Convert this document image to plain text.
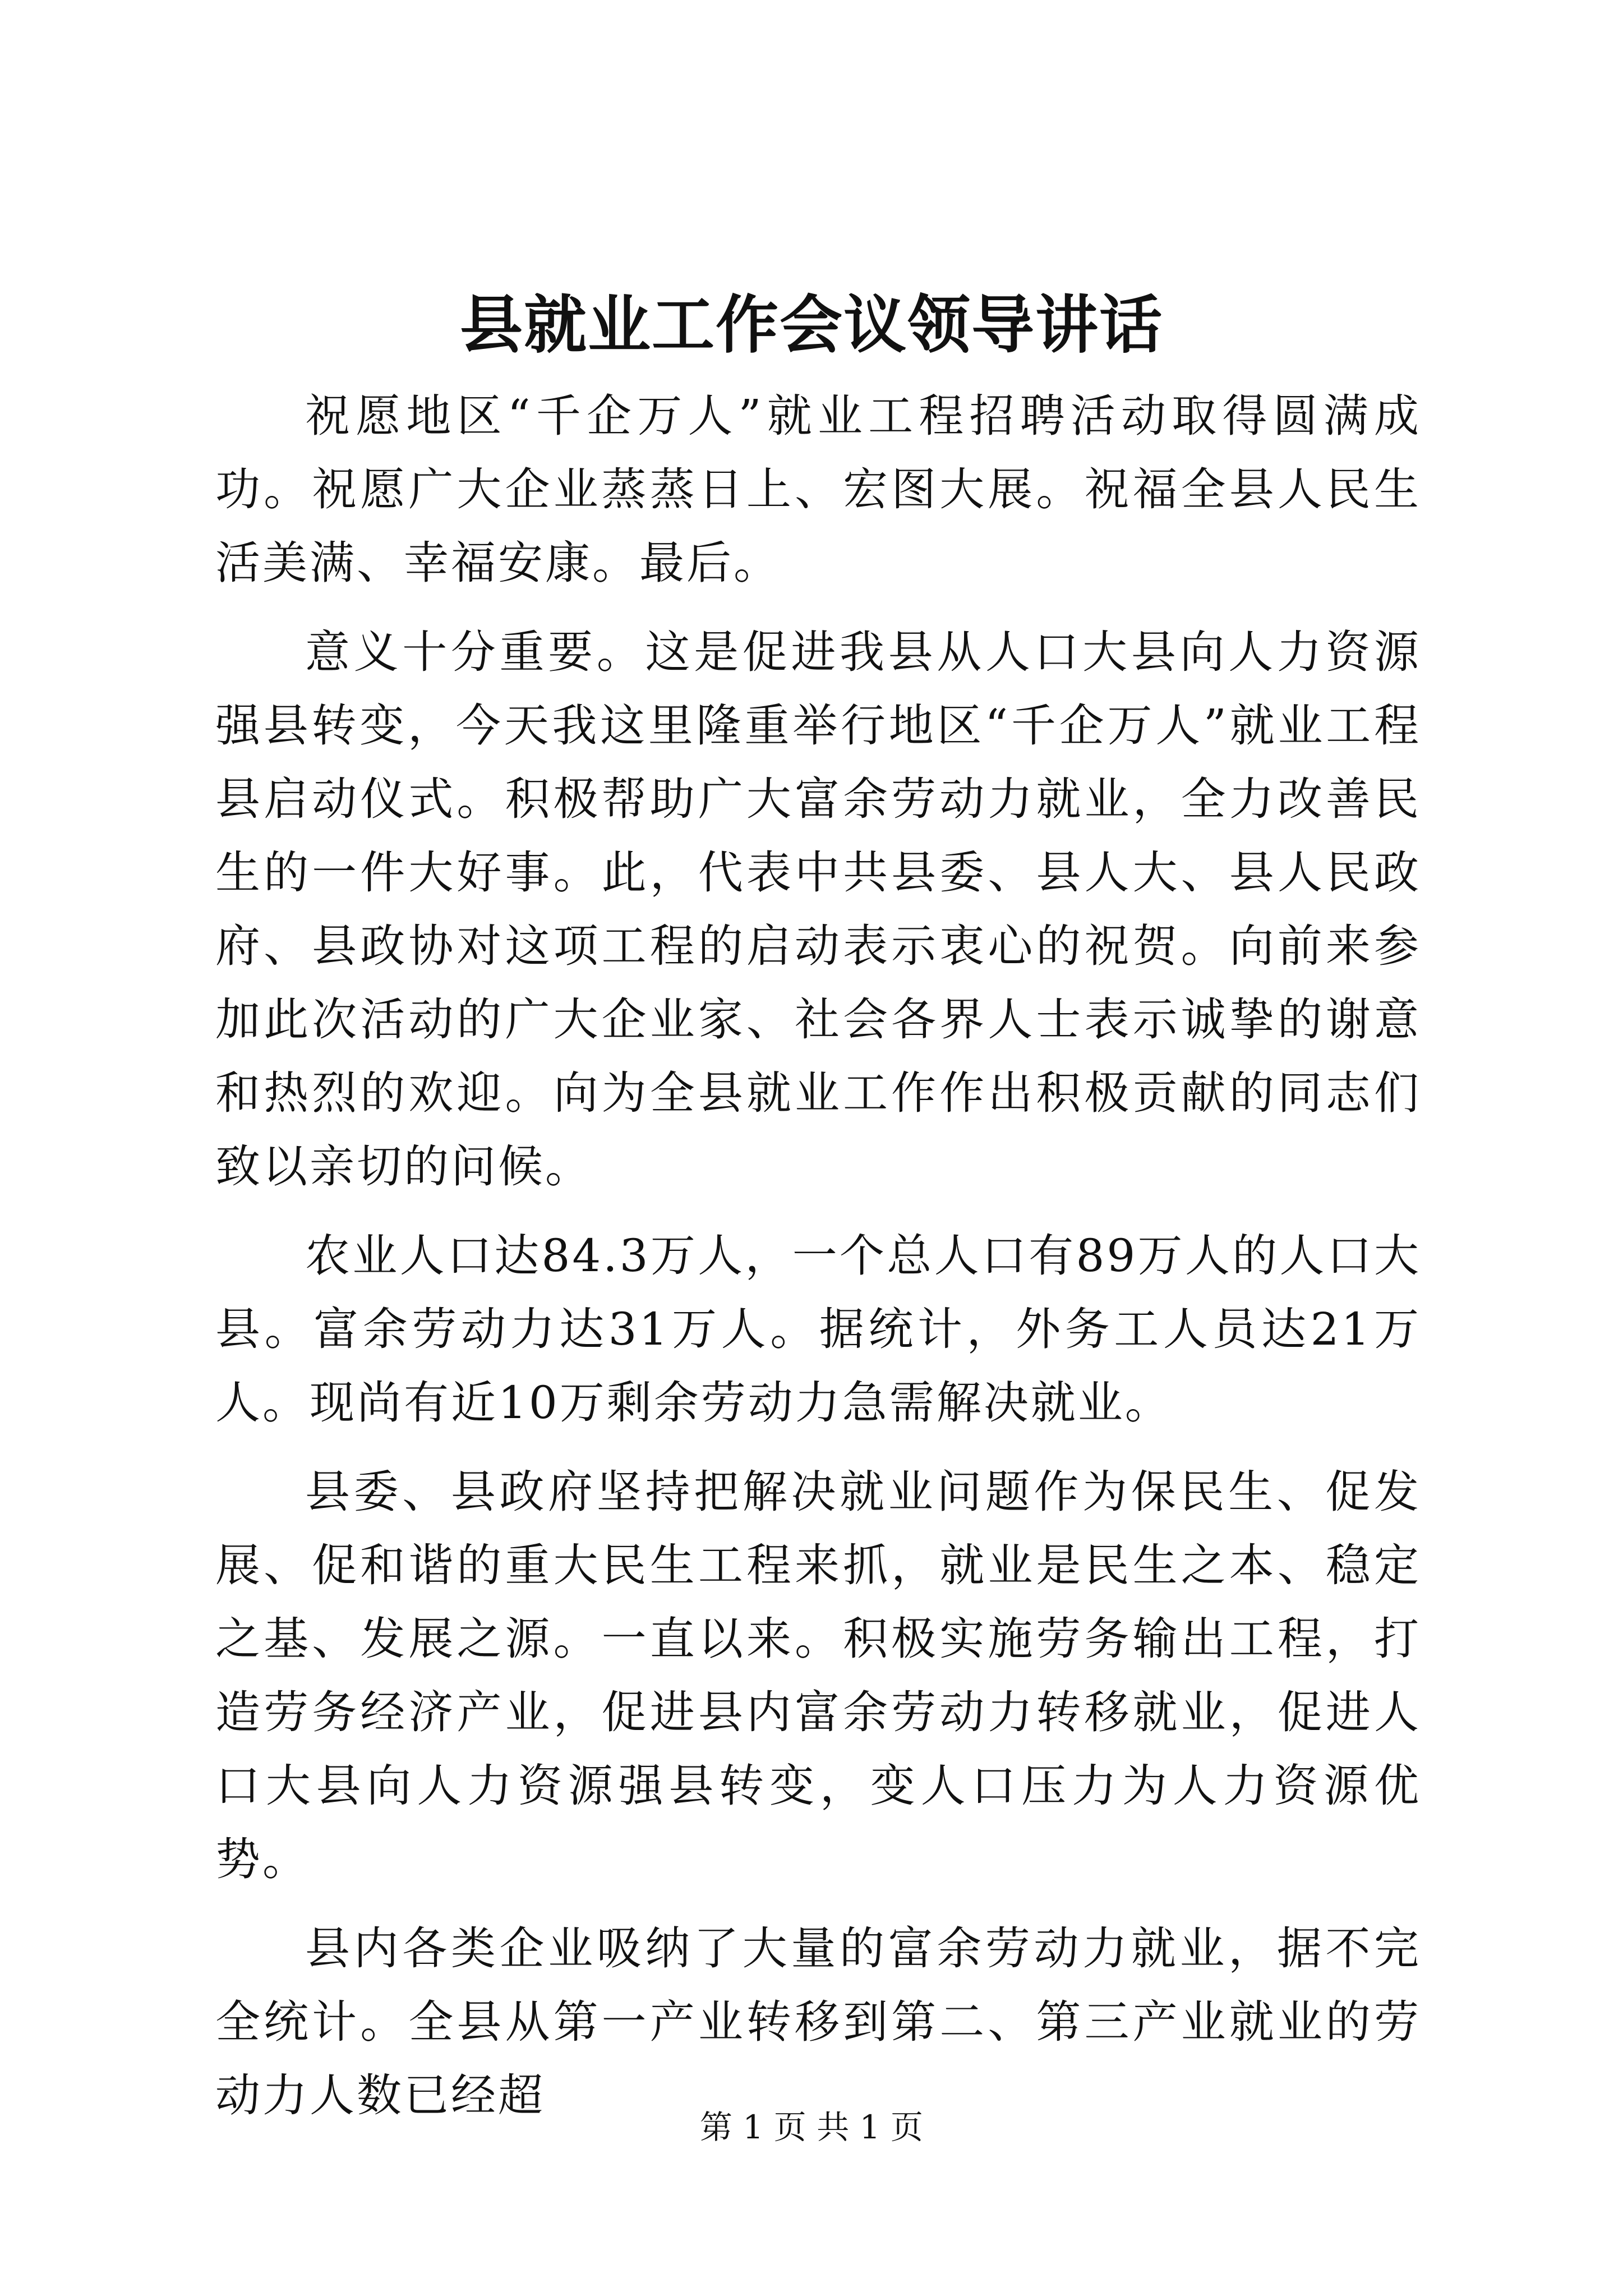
县就业工作会议领导讲话

祝愿地区“千企万人”就业工程招聘活动取得圆满成功。祝愿广大企业蒸蒸日上、宏图大展。祝福全县人民生活美满、幸福安康。最后。

意义十分重要。这是促进我县从人口大县向人力资源强县转变，今天我这里隆重举行地区“千企万人”就业工程县启动仪式。积极帮助广大富余劳动力就业，全力改善民生的一件大好事。此，代表中共县委、县人大、县人民政府、县政协对这项工程的启动表示衷心的祝贺。向前来参加此次活动的广大企业家、社会各界人士表示诚挚的谢意和热烈的欢迎。向为全县就业工作作出积极贡献的同志们致以亲切的问候。

农业人口达84.3万人，一个总人口有89万人的人口大县。富余劳动力达31万人。据统计，外务工人员达21万人。现尚有近10万剩余劳动力急需解决就业。

县委、县政府坚持把解决就业问题作为保民生、促发展、促和谐的重大民生工程来抓，就业是民生之本、稳定之基、发展之源。一直以来。积极实施劳务输出工程，打造劳务经济产业，促进县内富余劳动力转移就业，促进人口大县向人力资源强县转变，变人口压力为人力资源优势。

县内各类企业吸纳了大量的富余劳动力就业，据不完全统计。全县从第一产业转移到第二、第三产业就业的劳动力人数已经超

第 1 页 共 1 页
